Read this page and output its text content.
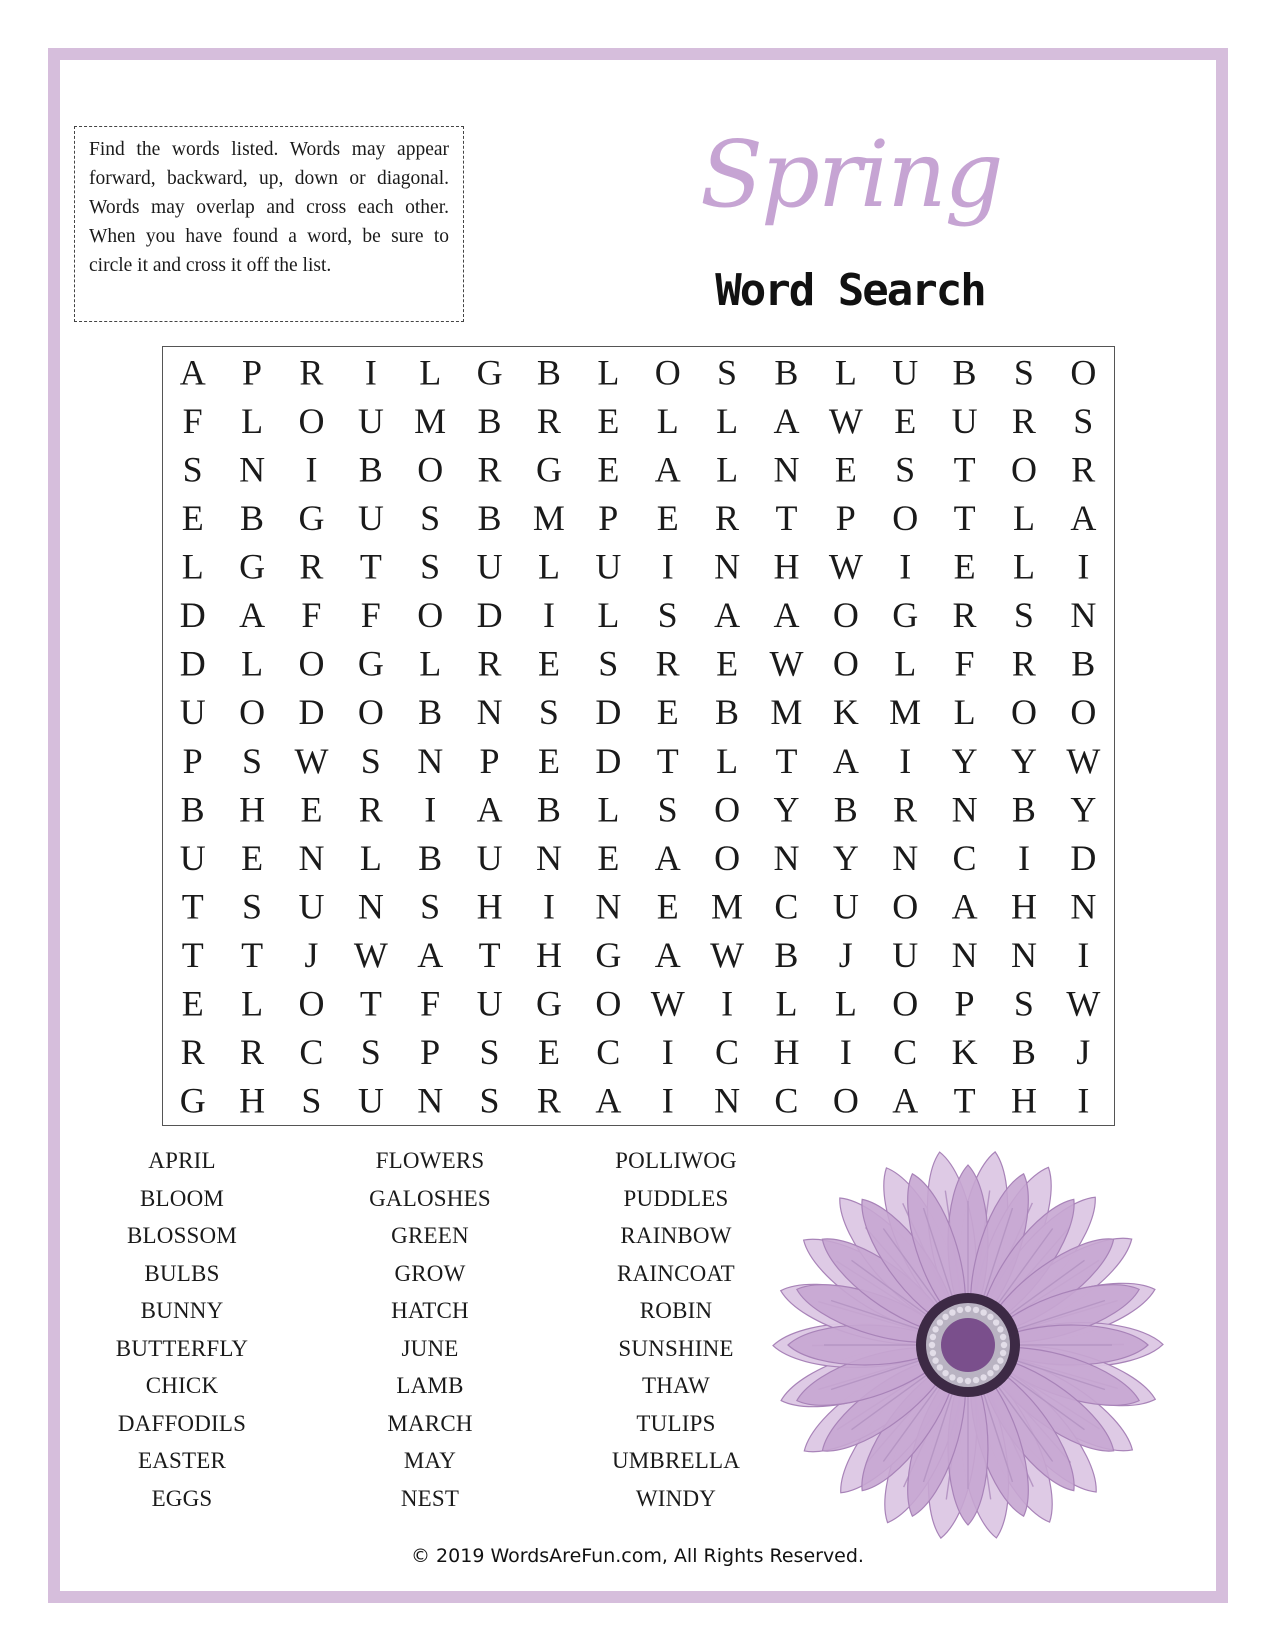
Find the words listed. Words may appear forward, backward, up, down or diagonal. Words may overlap and cross each other. When you have found a word, be sure to circle it and cross it off the list.
Spring
Word Search
A P R I L G B L O S B L U B S O
F L O U M B R E L L A W E U R S
S N I B O R G E A L N E S T O R
E B G U S B M P E R T P O T L A
L G R T S U L U I N H W I E L I
D A F F O D I L S A A O G R S N
D L O G L R E S R E W O L F R B
U O D O B N S D E B M K M L O O
P S W S N P E D T L T A I Y Y W
B H E R I A B L S O Y B R N B Y
U E N L B U N E A O N Y N C I D
T S U N S H I N E M C U O A H N
T T J W A T H G A W B J U N N I
E L O T F U G O W I L L O P S W
R R C S P S E C I C H I C K B J
G H S U N S R A I N C O A T H I
APRIL
BLOOM
BLOSSOM
BULBS
BUNNY
BUTTERFLY
CHICK
DAFFODILS
EASTER
EGGS
FLOWERS
GALOSHES
GREEN
GROW
HATCH
JUNE
LAMB
MARCH
MAY
NEST
POLLIWOG
PUDDLES
RAINBOW
RAINCOAT
ROBIN
SUNSHINE
THAW
TULIPS
UMBRELLA
WINDY
© 2019 WordsAreFun.com, All Rights Reserved.
